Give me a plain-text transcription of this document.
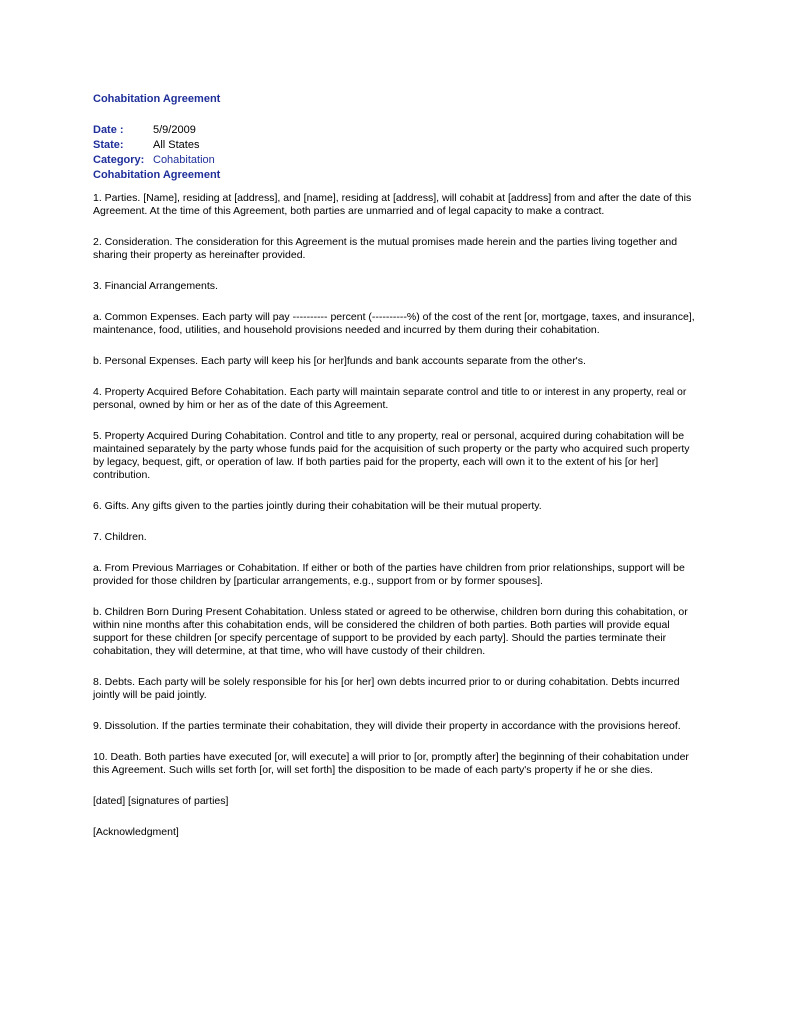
Cohabitation Agreement
Date :	5/9/2009
State:	All States
Category: Cohabitation
Cohabitation Agreement

1. Parties. [Name], residing at [address], and [name], residing at [address], will cohabit at [address] from and after the date of this Agreement. At the time of this Agreement, both parties are unmarried and of legal capacity to make a contract.

2. Consideration. The consideration for this Agreement is the mutual promises made herein and the parties living together and sharing their property as hereinafter provided.

3. Financial Arrangements.

a. Common Expenses. Each party will pay ---------- percent (----------%) of the cost of the rent [or, mortgage, taxes, and insurance], maintenance, food, utilities, and household provisions needed and incurred by them during their cohabitation.

b. Personal Expenses. Each party will keep his [or her]funds and bank accounts separate from the other's.

4. Property Acquired Before Cohabitation. Each party will maintain separate control and title to or interest in any property, real or personal, owned by him or her as of the date of this Agreement.

5. Property Acquired During Cohabitation. Control and title to any property, real or personal, acquired during cohabitation will be maintained separately by the party whose funds paid for the acquisition of such property or the party who acquired such property by legacy, bequest, gift, or operation of law. If both parties paid for the property, each will own it to the extent of his [or her] contribution.

6. Gifts. Any gifts given to the parties jointly during their cohabitation will be their mutual property.

7. Children.

a. From Previous Marriages or Cohabitation. If either or both of the parties have children from prior relationships, support will be provided for those children by [particular arrangements, e.g., support from or by former spouses].

b. Children Born During Present Cohabitation. Unless stated or agreed to be otherwise, children born during this cohabitation, or within nine months after this cohabitation ends, will be considered the children of both parties. Both parties will provide equal support for these children [or specify percentage of support to be provided by each party]. Should the parties terminate their cohabitation, they will determine, at that time, who will have custody of their children.

8. Debts. Each party will be solely responsible for his [or her] own debts incurred prior to or during cohabitation. Debts incurred jointly will be paid jointly.

9. Dissolution. If the parties terminate their cohabitation, they will divide their property in accordance with the provisions hereof.

10. Death. Both parties have executed [or, will execute] a will prior to [or, promptly after] the beginning of their cohabitation under this Agreement. Such wills set forth [or, will set forth] the disposition to be made of each party's property if he or she dies.

[dated] [signatures of parties]

[Acknowledgment]
